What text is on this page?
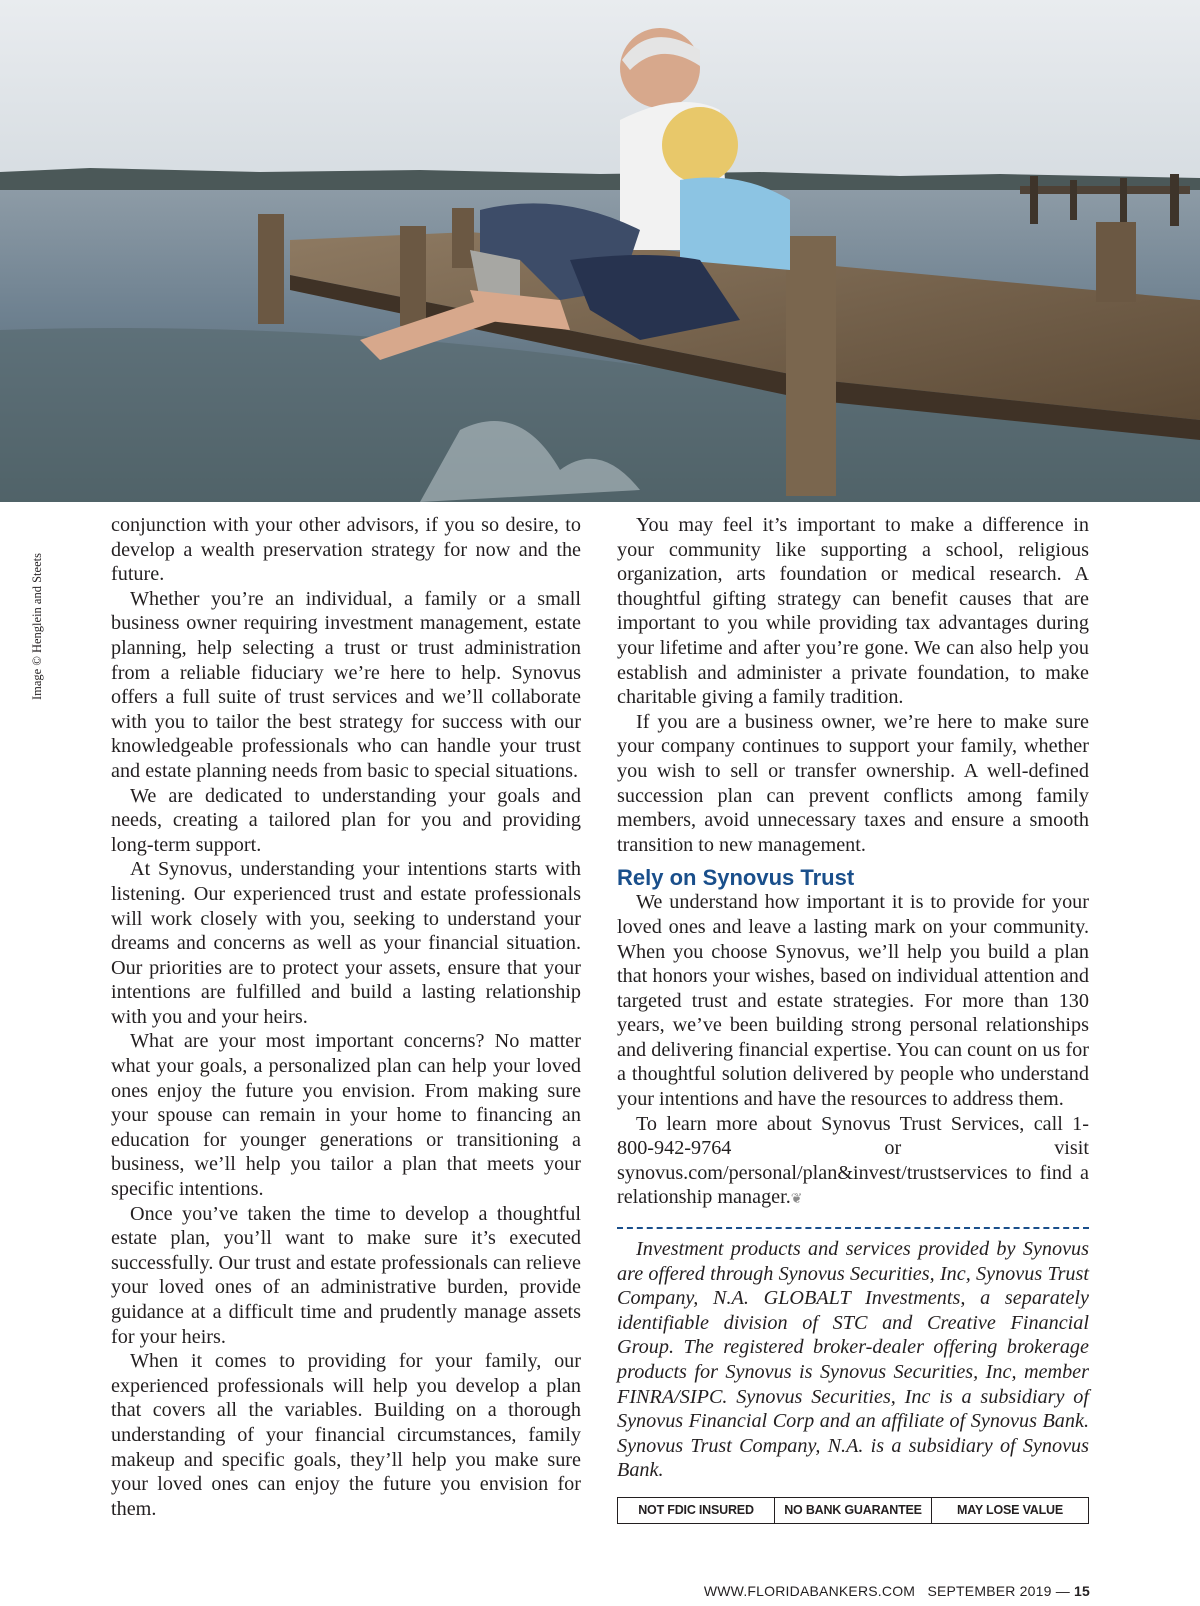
Image © Henglein and Steets

conjunction with your other advisors, if you so desire, to develop a wealth preservation strategy for now and the future.

Whether you’re an individual, a family or a small business owner requiring investment management, estate planning, help selecting a trust or trust administration from a reliable fiduciary we’re here to help. Synovus offers a full suite of trust services and we’ll collaborate with you to tailor the best strategy for success with our knowledgeable professionals who can handle your trust and estate planning needs from basic to special situations.

We are dedicated to understanding your goals and needs, creating a tailored plan for you and providing long-term support.

At Synovus, understanding your intentions starts with listening. Our experienced trust and estate professionals will work closely with you, seeking to understand your dreams and concerns as well as your financial situation. Our priorities are to protect your assets, ensure that your intentions are fulfilled and build a lasting relationship with you and your heirs.

What are your most important concerns? No matter what your goals, a personalized plan can help your loved ones enjoy the future you envision. From making sure your spouse can remain in your home to financing an education for younger generations or transitioning a business, we’ll help you tailor a plan that meets your specific intentions.

Once you’ve taken the time to develop a thoughtful estate plan, you’ll want to make sure it’s executed successfully. Our trust and estate professionals can relieve your loved ones of an administrative burden, provide guidance at a difficult time and prudently manage assets for your heirs.

When it comes to providing for your family, our experienced professionals will help you develop a plan that covers all the variables. Building on a thorough understanding of your financial circumstances, family makeup and specific goals, they’ll help you make sure your loved ones can enjoy the future you envision for them.

You may feel it’s important to make a difference in your community like supporting a school, religious organization, arts foundation or medical research. A thoughtful gifting strategy can benefit causes that are important to you while providing tax advantages during your lifetime and after you’re gone. We can also help you establish and administer a private foundation, to make charitable giving a family tradition.

If you are a business owner, we’re here to make sure your company continues to support your family, whether you wish to sell or transfer ownership. A well-defined succession plan can prevent conflicts among family members, avoid unnecessary taxes and ensure a smooth transition to new management.

Rely on Synovus Trust

We understand how important it is to provide for your loved ones and leave a lasting mark on your community. When you choose Synovus, we’ll help you build a plan that honors your wishes, based on individual attention and targeted trust and estate strategies. For more than 130 years, we’ve been building strong personal relationships and delivering financial expertise. You can count on us for a thoughtful solution delivered by people who understand your intentions and have the resources to address them.

To learn more about Synovus Trust Services, call 1-800-942-9764 or visit synovus.com/personal/plan&invest/trustservices to find a relationship manager.❦

Investment products and services provided by Synovus are offered through Synovus Securities, Inc, Synovus Trust Company, N.A. GLOBALT Investments, a separately identifiable division of STC and Creative Financial Group. The registered broker-dealer offering brokerage products for Synovus is Synovus Securities, Inc, member FINRA/SIPC. Synovus Securities, Inc is a subsidiary of Synovus Financial Corp and an affiliate of Synovus Bank. Synovus Trust Company, N.A. is a subsidiary of Synovus Bank.

NOT FDIC INSURED	NO BANK GUARANTEE	MAY LOSE VALUE
WWW.FLORIDABANKERS.COM SEPTEMBER 2019 — 15
